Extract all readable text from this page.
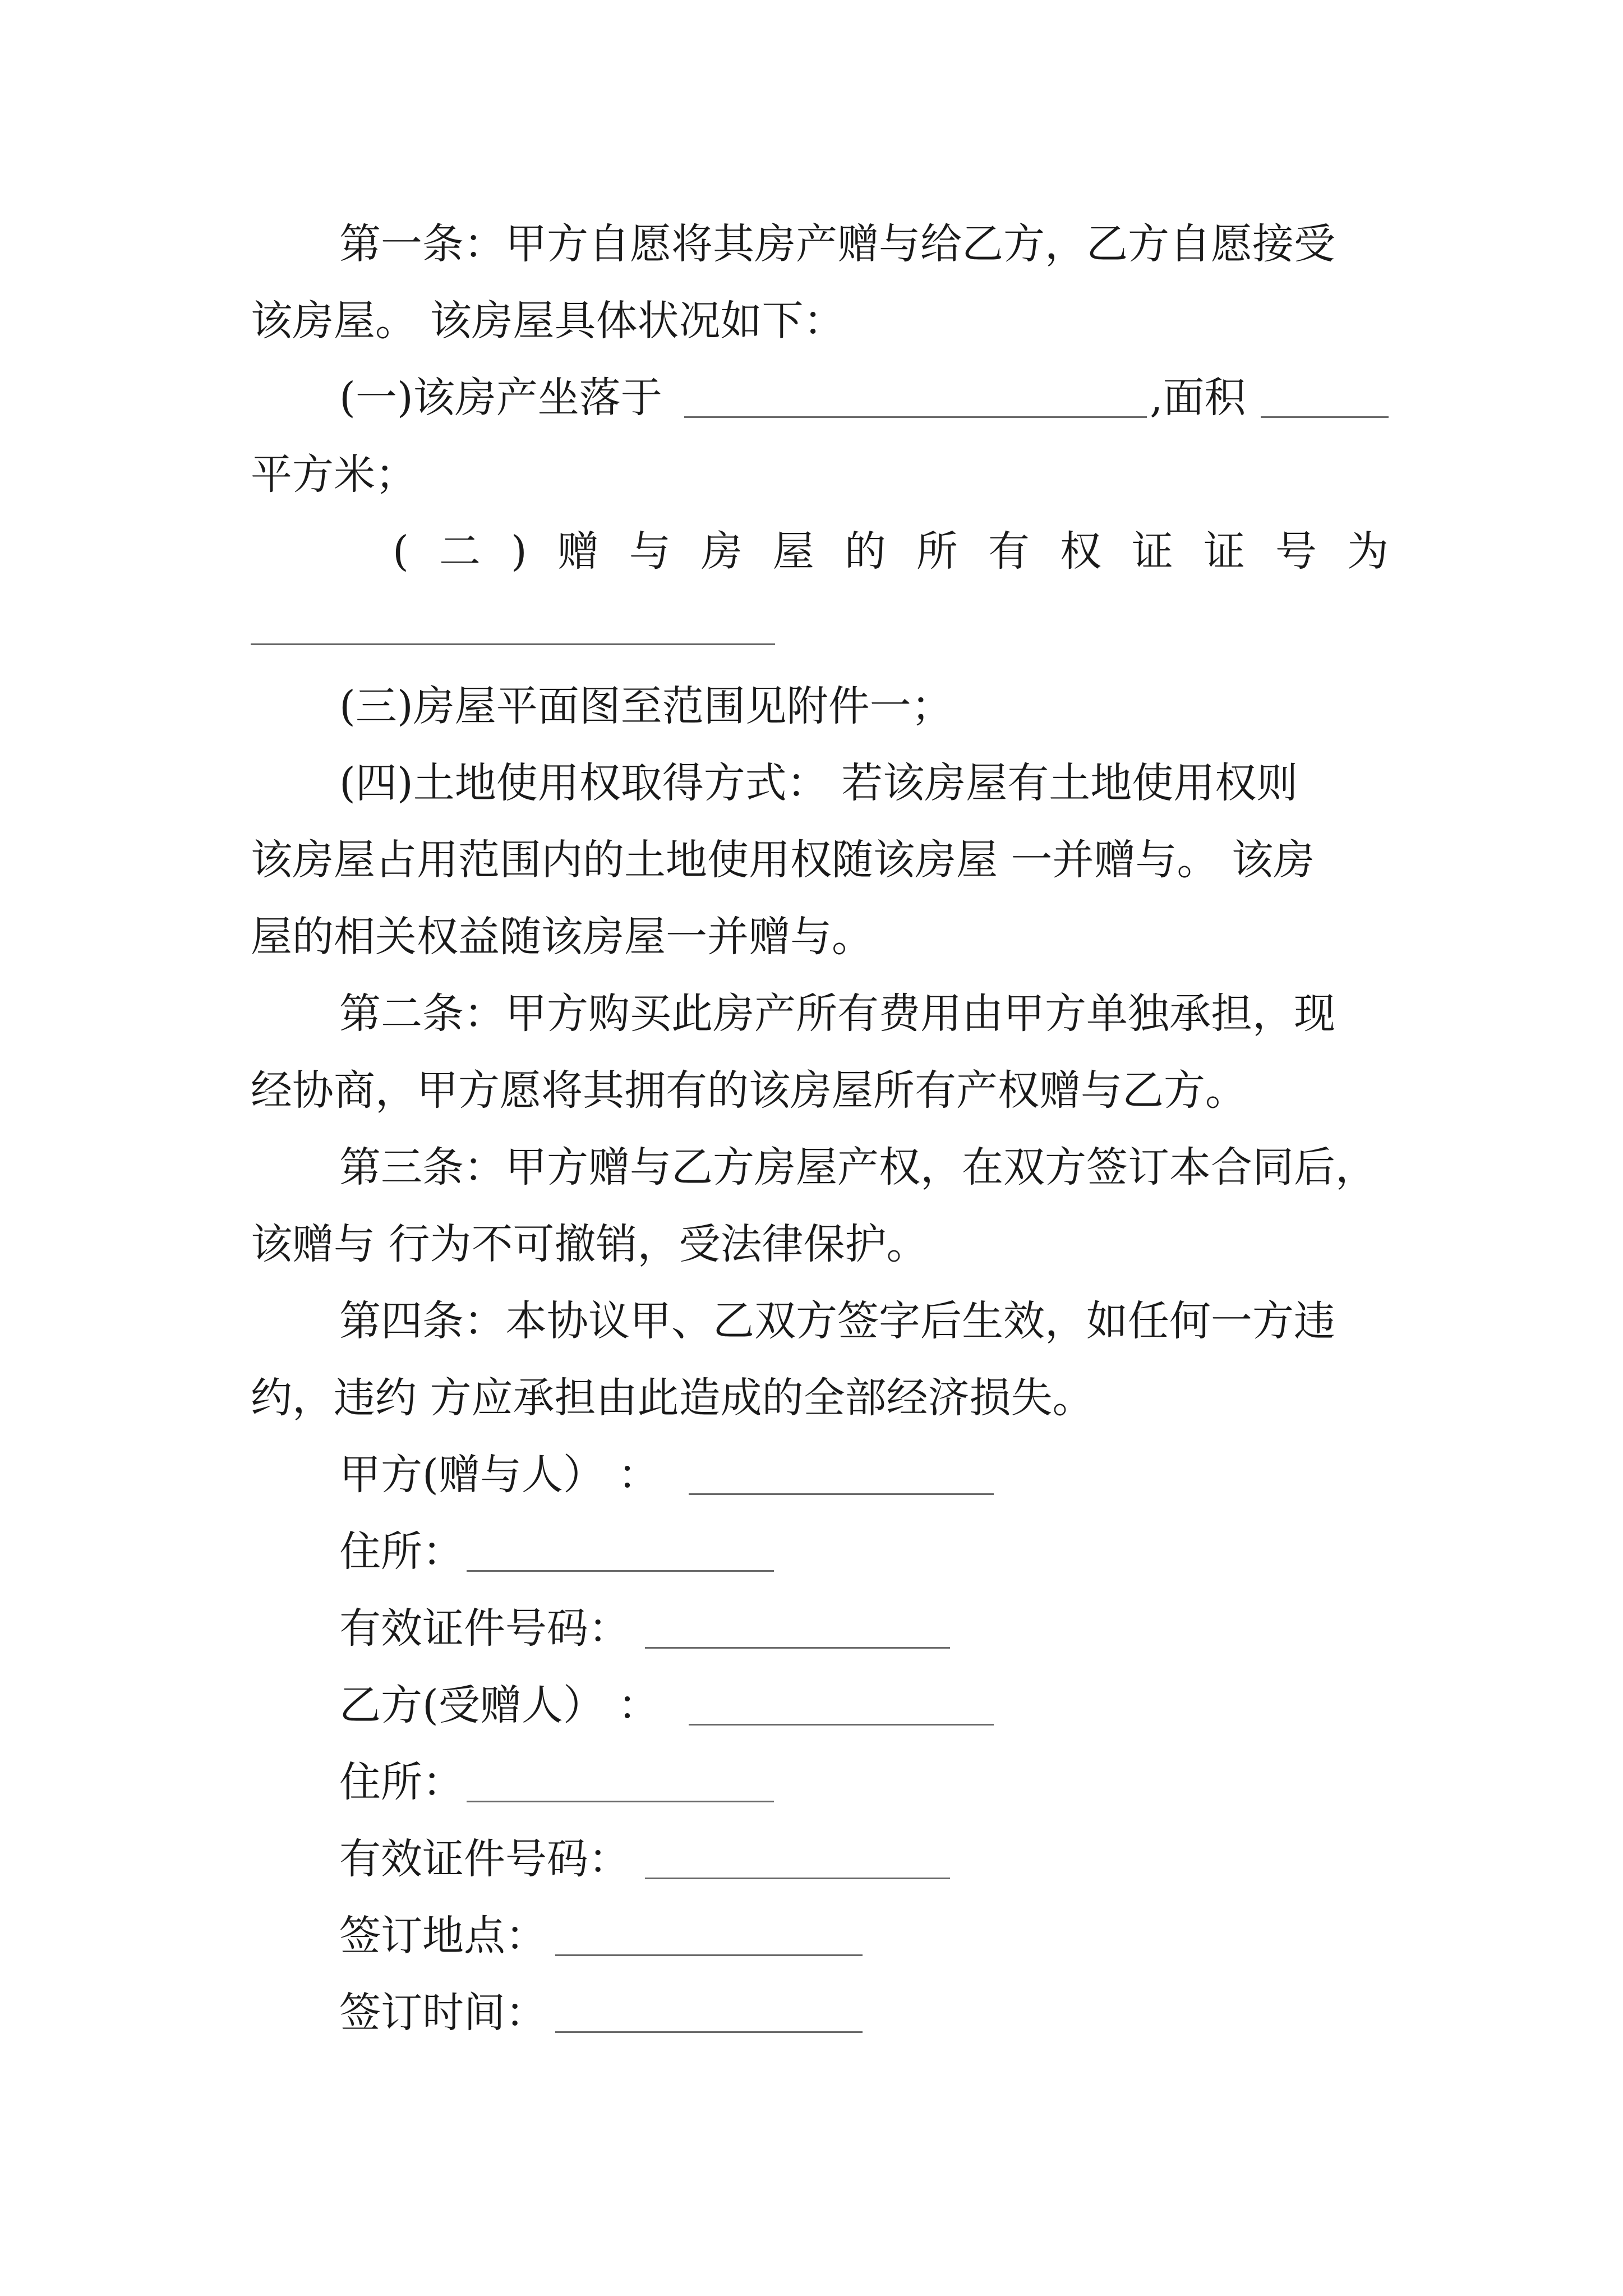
第一条：甲方自愿将其房产赠与给乙方，乙方自愿接受
该房屋。 该房屋具体状况如下：
(一)该房产坐落于	,面积
平方米；
( 二 ) 赠 与 房 屋 的 所 有 权 证 证 号 为
(三)房屋平面图至范围见附件一；
(四)土地使用权取得方式： 若该房屋有土地使用权则
该房屋占用范围内的土地使用权随该房屋 一并赠与。 该房
屋的相关权益随该房屋一并赠与。
第二条：甲方购买此房产所有费用由甲方单独承担，现
经协商，甲方愿将其拥有的该房屋所有产权赠与乙方。
第三条：甲方赠与乙方房屋产权，在双方签订本合同后，
该赠与 行为不可撤销，受法律保护。
第四条：本协议甲、乙双方签字后生效，如任何一方违
约，违约 方应承担由此造成的全部经济损失。
甲方(赠与人） ：
住所：
有效证件号码：
乙方(受赠人） ：
住所：
有效证件号码：
签订地点：
签订时间：
